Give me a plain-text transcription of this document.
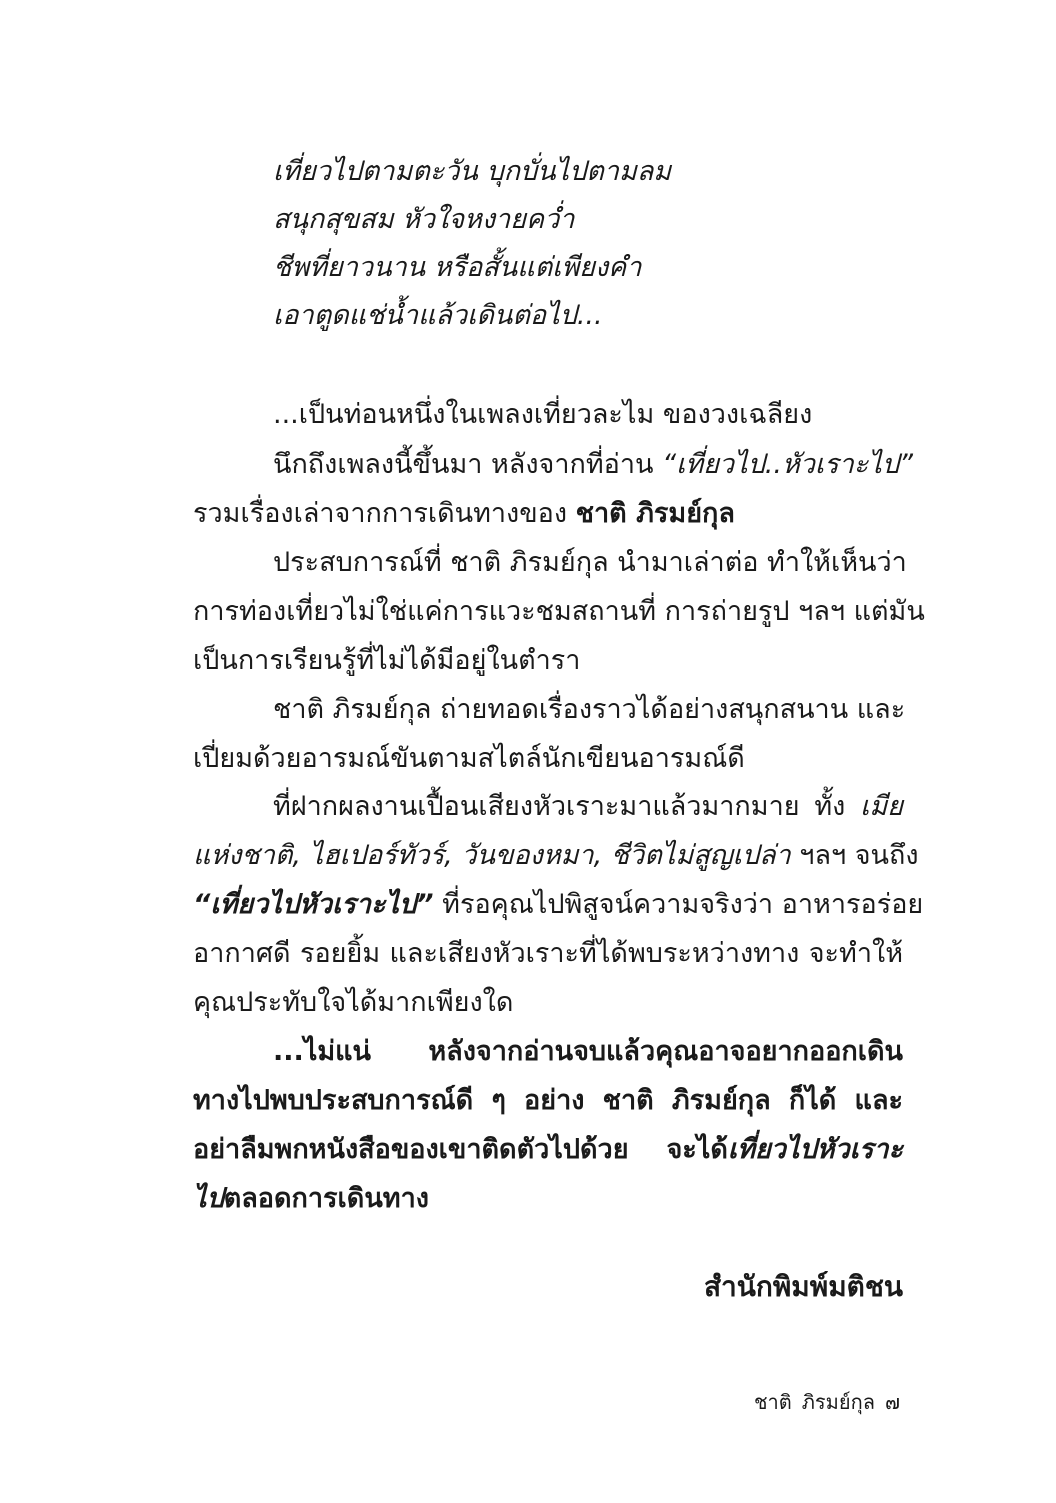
เที่ยวไปตามตะวัน บุกบั่นไปตามลม
สนุกสุขสม หัวใจหงายคว่ำ
ชีพที่ยาวนาน หรือสั้นแต่เพียงคำ
เอาตูดแช่น้ำแล้วเดินต่อไป...
...เป็นท่อนหนึ่งในเพลงเที่ยวละไม ของวงเฉลียง
นึกถึงเพลงนี้ขึ้นมา หลังจากที่อ่าน “เที่ยวไป..หัวเราะไป”
รวมเรื่องเล่าจากการเดินทางของ ชาติ ภิรมย์กุล
ประสบการณ์ที่ ชาติ ภิรมย์กุล นำมาเล่าต่อ ทำให้เห็นว่า
การท่องเที่ยวไม่ใช่แค่การแวะชมสถานที่ การถ่ายรูป ฯลฯ แต่มัน
เป็นการเรียนรู้ที่ไม่ได้มีอยู่ในตำรา
ชาติ ภิรมย์กุล ถ่ายทอดเรื่องราวได้อย่างสนุกสนาน และ
เปี่ยมด้วยอารมณ์ขันตามสไตล์นักเขียนอารมณ์ดี
ที่ฝากผลงานเปื้อนเสียงหัวเราะมาแล้วมากมาย ทั้ง เมีย
แห่งชาติ, ไฮเปอร์ทัวร์, วันของหมา, ชีวิตไม่สูญเปล่า ฯลฯ จนถึง
“เที่ยวไปหัวเราะไป” ที่รอคุณไปพิสูจน์ความจริงว่า อาหารอร่อย
อากาศดี รอยยิ้ม และเสียงหัวเราะที่ได้พบระหว่างทาง จะทำให้
คุณประทับใจได้มากเพียงใด
...ไม่แน่ หลังจากอ่านจบแล้วคุณอาจอยากออกเดิน
ทางไปพบประสบการณ์ดี ๆ อย่าง ชาติ ภิรมย์กุล ก็ได้ และ
อย่าลืมพกหนังสือของเขาติดตัวไปด้วย จะได้เที่ยวไปหัวเราะ
ไปตลอดการเดินทาง
สำนักพิมพ์มติชน
ชาติ ภิรมย์กุล ๗
